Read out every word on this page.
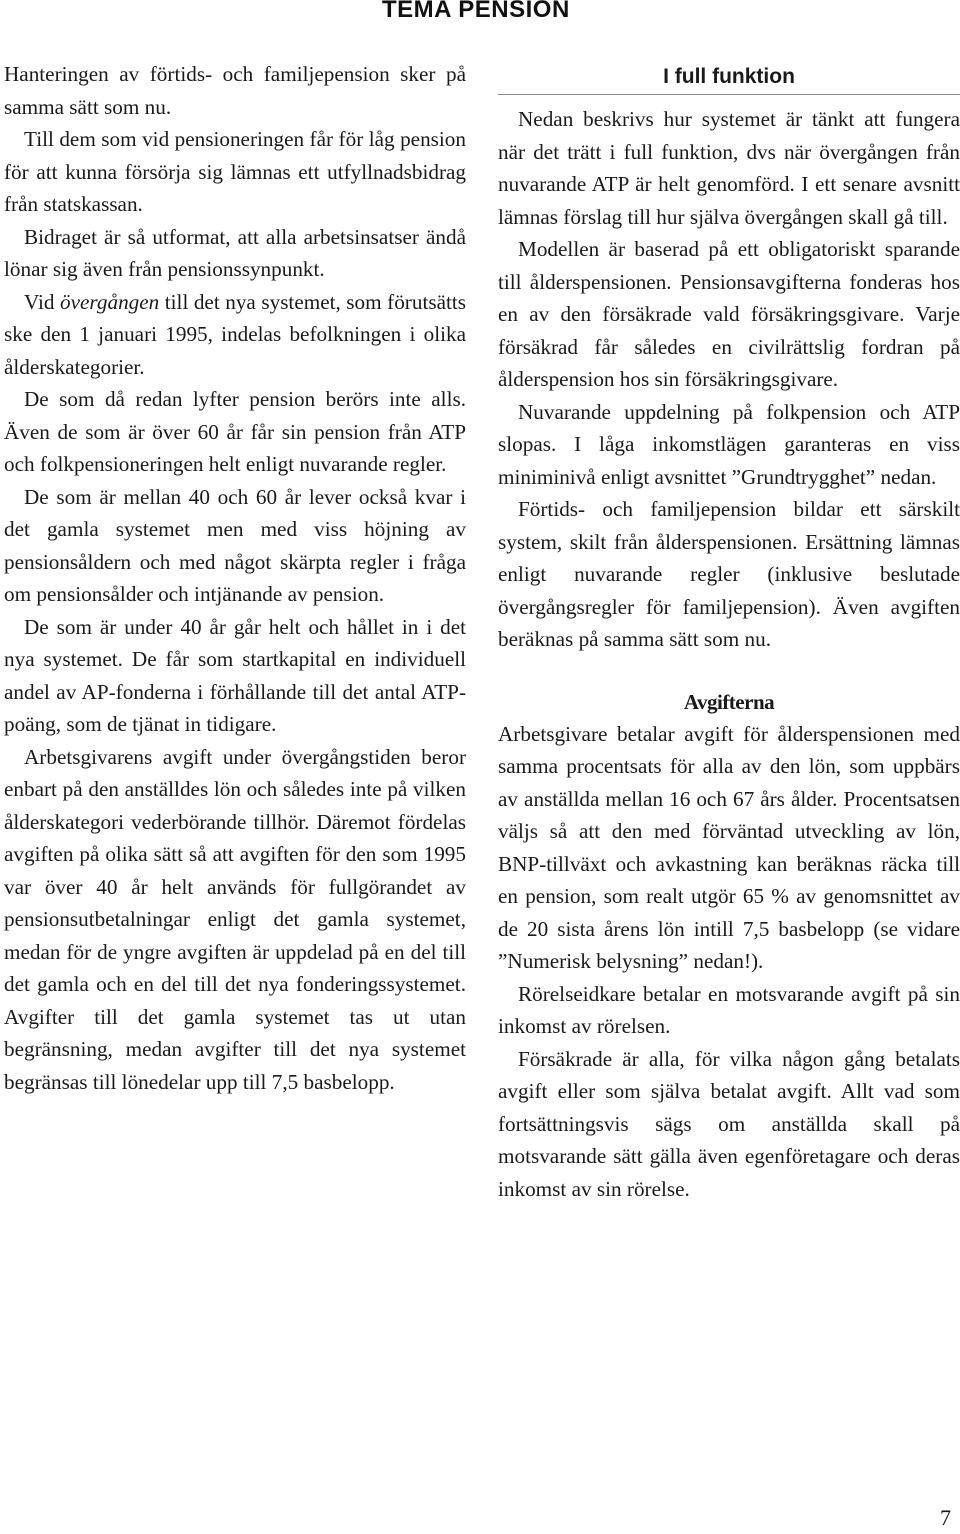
TEMA PENSION

Hanteringen av förtids- och familjepension sker på samma sätt som nu.

Till dem som vid pensioneringen får för låg pension för att kunna försörja sig lämnas ett utfyllnadsbidrag från statskassan.

Bidraget är så utformat, att alla arbetsinsatser ändå lönar sig även från pensionssynpunkt.

Vid övergången till det nya systemet, som förutsätts ske den 1 januari 1995, indelas befolkningen i olika ålderskategorier.

De som då redan lyfter pension berörs inte alls. Även de som är över 60 år får sin pension från ATP och folkpensioneringen helt enligt nuvarande regler.

De som är mellan 40 och 60 år lever också kvar i det gamla systemet men med viss höjning av pensionsåldern och med något skärpta regler i fråga om pensionsålder och intjänande av pension.

De som är under 40 år går helt och hållet in i det nya systemet. De får som startkapital en individuell andel av AP-fonderna i förhållande till det antal ATP-poäng, som de tjänat in tidigare.

Arbetsgivarens avgift under övergångstiden beror enbart på den anställdes lön och således inte på vilken ålderskategori vederbörande tillhör. Däremot fördelas avgiften på olika sätt så att avgiften för den som 1995 var över 40 år helt används för fullgörandet av pensionsutbetalningar enligt det gamla systemet, medan för de yngre avgiften är uppdelad på en del till det gamla och en del till det nya fonderingssystemet. Avgifter till det gamla systemet tas ut utan begränsning, medan avgifter till det nya systemet begränsas till lönedelar upp till 7,5 basbelopp.

I full funktion

Nedan beskrivs hur systemet är tänkt att fungera när det trätt i full funktion, dvs när övergången från nuvarande ATP är helt genomförd. I ett senare avsnitt lämnas förslag till hur själva övergången skall gå till.

Modellen är baserad på ett obligatoriskt sparande till ålderspensionen. Pensionsavgifterna fonderas hos en av den försäkrade vald försäkringsgivare. Varje försäkrad får således en civilrättslig fordran på ålderspension hos sin försäkringsgivare.

Nuvarande uppdelning på folkpension och ATP slopas. I låga inkomstlägen garanteras en viss miniminivå enligt avsnittet ”Grundtrygghet” nedan.

Förtids- och familjepension bildar ett särskilt system, skilt från ålderspensionen. Ersättning lämnas enligt nuvarande regler (inklusive beslutade övergångsregler för familjepension). Även avgiften beräknas på samma sätt som nu.

Avgifterna

Arbetsgivare betalar avgift för ålderspensionen med samma procentsats för alla av den lön, som uppbärs av anställda mellan 16 och 67 års ålder. Procentsatsen väljs så att den med förväntad utveckling av lön, BNP-tillväxt och avkastning kan beräknas räcka till en pension, som realt utgör 65 % av genomsnittet av de 20 sista årens lön intill 7,5 basbelopp (se vidare ”Numerisk belysning” nedan!).

Rörelseidkare betalar en motsvarande avgift på sin inkomst av rörelsen.

Försäkrade är alla, för vilka någon gång betalats avgift eller som själva betalat avgift. Allt vad som fortsättningsvis sägs om anställda skall på motsvarande sätt gälla även egenföretagare och deras inkomst av sin rörelse.

7
